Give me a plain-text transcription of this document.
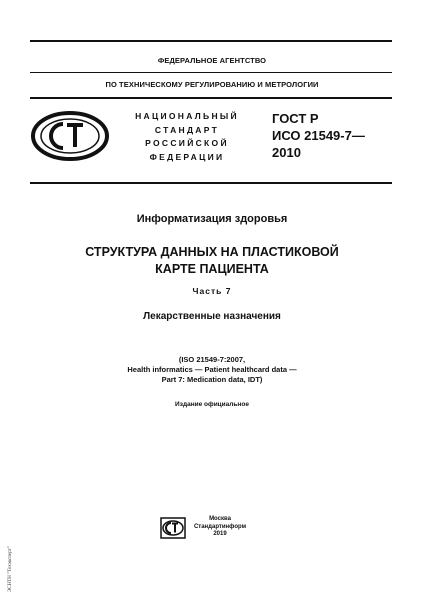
ФЕДЕРАЛЬНОЕ АГЕНТСТВО
ПО ТЕХНИЧЕСКОМУ РЕГУЛИРОВАНИЮ И МЕТРОЛОГИИ
НАЦИОНАЛЬНЫЙ
СТАНДАРТ
РОССИЙСКОЙ
ФЕДЕРАЦИИ
ГОСТ Р
ИСО 21549-7—
2010
Информатизация здоровья
СТРУКТУРА ДАННЫХ НА ПЛАСТИКОВОЙ
КАРТЕ ПАЦИЕНТА
Часть 7
Лекарственные назначения
(ISO 21549-7:2007,
Health informatics — Patient healthcard data —
Part 7: Medication data, IDT)
Издание официальное
Москва
Стандартинформ
2019
ЭСНТН "Техэксперт"
